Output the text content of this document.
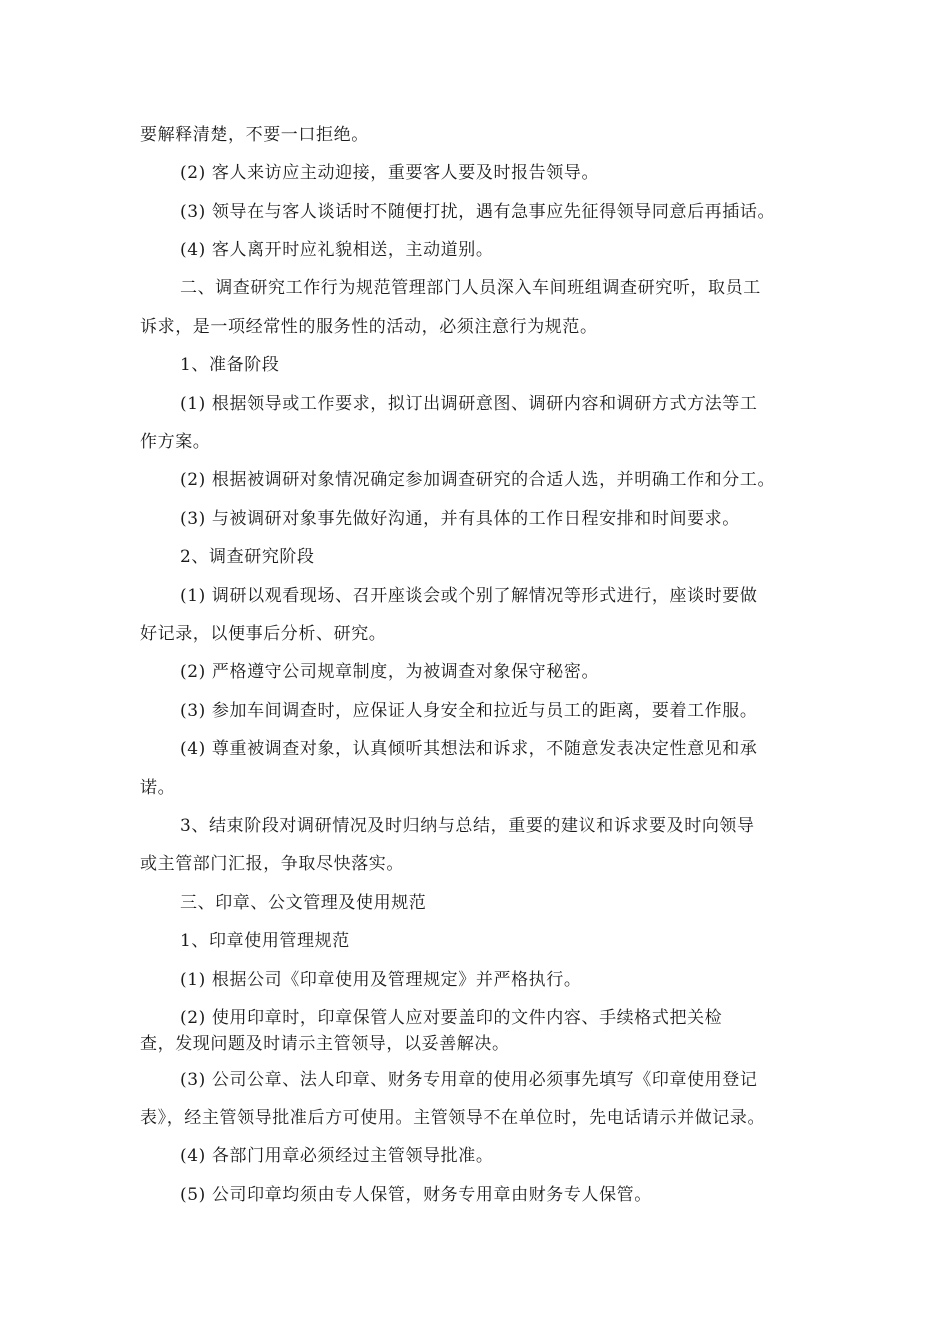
要解释清楚，不要一口拒绝。
(2) 客人来访应主动迎接，重要客人要及时报告领导。
(3) 领导在与客人谈话时不随便打扰，遇有急事应先征得领导同意后再插话。
(4) 客人离开时应礼貌相送，主动道别。
二、调查研究工作行为规范管理部门人员深入车间班组调查研究听，取员工
诉求，是一项经常性的服务性的活动，必须注意行为规范。
1、准备阶段
(1) 根据领导或工作要求，拟订出调研意图、调研内容和调研方式方法等工
作方案。
(2) 根据被调研对象情况确定参加调查研究的合适人选，并明确工作和分工。
(3) 与被调研对象事先做好沟通，并有具体的工作日程安排和时间要求。
2、调查研究阶段
(1) 调研以观看现场、召开座谈会或个别了解情况等形式进行，座谈时要做
好记录，以便事后分析、研究。
(2) 严格遵守公司规章制度，为被调查对象保守秘密。
(3) 参加车间调查时，应保证人身安全和拉近与员工的距离，要着工作服。
(4) 尊重被调查对象，认真倾听其想法和诉求，不随意发表决定性意见和承
诺。
3、结束阶段对调研情况及时归纳与总结，重要的建议和诉求要及时向领导
或主管部门汇报，争取尽快落实。
三、印章、公文管理及使用规范
1、印章使用管理规范
(1) 根据公司《印章使用及管理规定》并严格执行。
(2) 使用印章时，印章保管人应对要盖印的文件内容、手续格式把关检
查，发现问题及时请示主管领导，以妥善解决。
(3) 公司公章、法人印章、财务专用章的使用必须事先填写《印章使用登记
表》，经主管领导批准后方可使用。主管领导不在单位时，先电话请示并做记录。
(4) 各部门用章必须经过主管领导批准。
(5) 公司印章均须由专人保管，财务专用章由财务专人保管。
